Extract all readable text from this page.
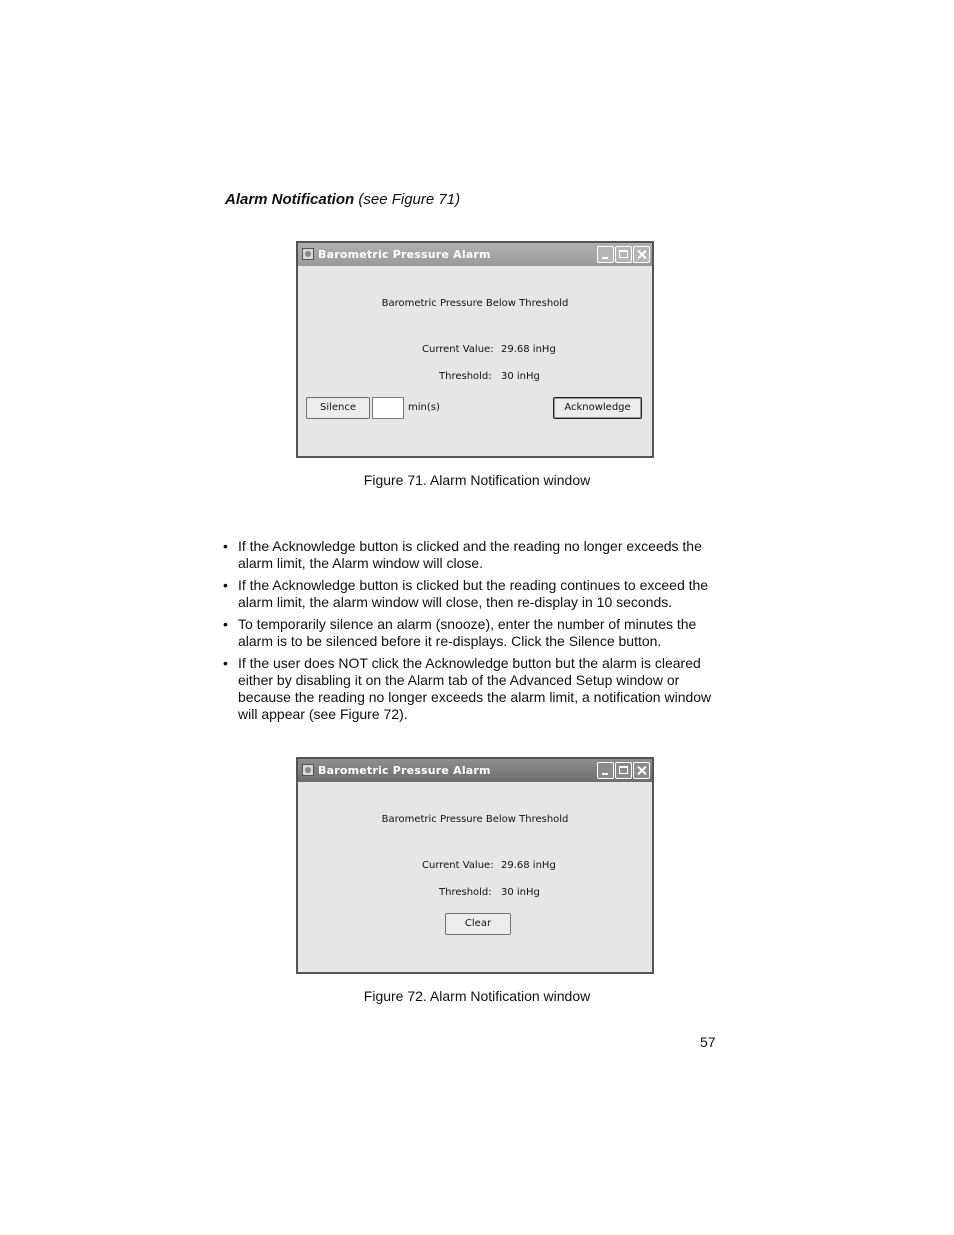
Alarm Notification (see Figure 71)
Barometric Pressure Alarm
Barometric Pressure Below Threshold
Current Value: 29.68 inHg
Threshold: 30 inHg
Silence	min(s)	Acknowledge
Figure 71. Alarm Notification window
• If the Acknowledge button is clicked and the reading no longer exceeds the alarm limit, the Alarm window will close.
• If the Acknowledge button is clicked but the reading continues to exceed the alarm limit, the alarm window will close, then re-display in 10 seconds.
• To temporarily silence an alarm (snooze), enter the number of minutes the alarm is to be silenced before it re-displays. Click the Silence button.
• If the user does NOT click the Acknowledge button but the alarm is cleared either by disabling it on the Alarm tab of the Advanced Setup window or because the reading no longer exceeds the alarm limit, a notification window will appear (see Figure 72).
Barometric Pressure Alarm
Barometric Pressure Below Threshold
Current Value: 29.68 inHg
Threshold: 30 inHg
Clear
Figure 72. Alarm Notification window
57
